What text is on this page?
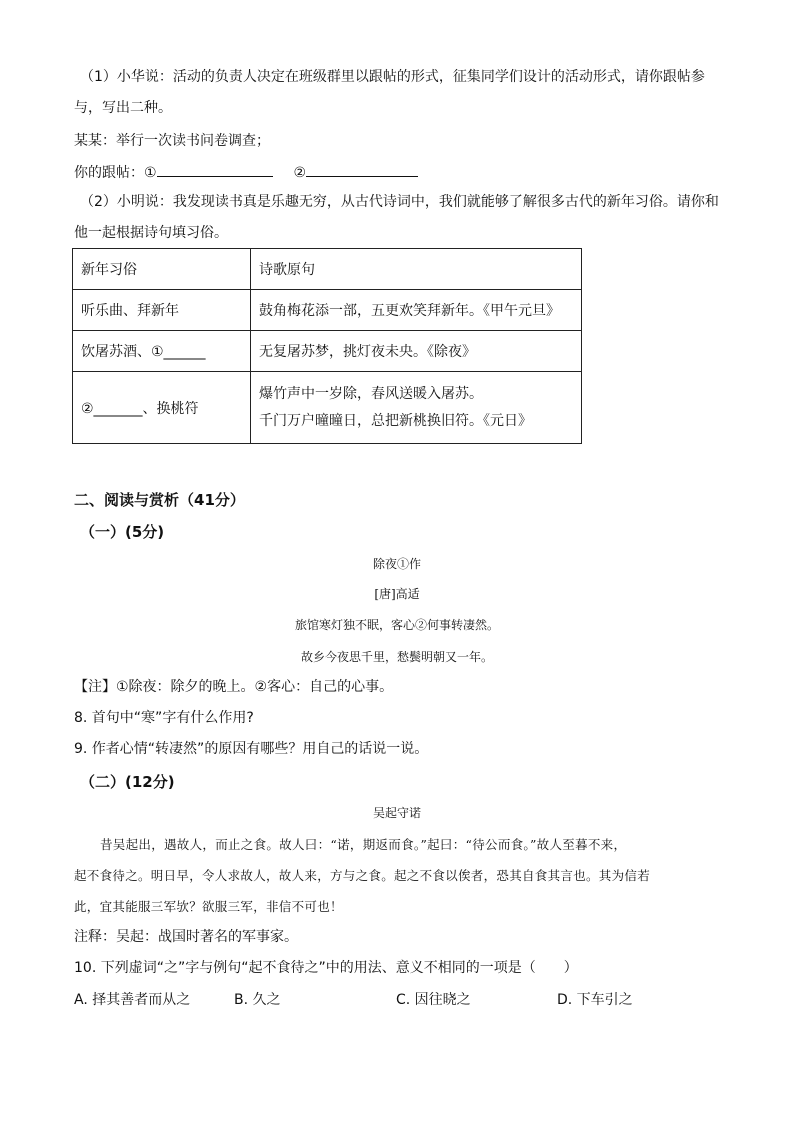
（1）小华说：活动的负责人决定在班级群里以跟帖的形式，征集同学们设计的活动形式，请你跟帖参
与，写出二种。
某某：举行一次读书问卷调查；
你的跟帖：①	②
（2）小明说：我发现读书真是乐趣无穷，从古代诗词中，我们就能够了解很多古代的新年习俗。请你和
他一起根据诗句填习俗。
新年习俗	诗歌原句
听乐曲、拜新年	鼓角梅花添一部，五更欢笑拜新年。《甲午元旦》
饮屠苏酒、①______	无复屠苏梦，挑灯夜未央。《除夜》
②_______、换桃符	爆竹声中一岁除，春风送暖入屠苏。
千门万户曈曈日，总把新桃换旧符。《元日》
二、阅读与赏析（41分）
（一）(5分)
除夜①作
[唐]高适
旅馆寒灯独不眠，客心②何事转凄然。
故乡今夜思千里，愁鬓明朝又一年。
【注】①除夜：除夕的晚上。②客心：自己的心事。
8. 首句中“寒”字有什么作用?
9. 作者心情“转凄然”的原因有哪些？用自己的话说一说。
（二）(12分)
吴起守诺
昔吴起出，遇故人，而止之食。故人曰：“诺，期返而食。”起曰：“待公而食。”故人至暮不来，
起不食待之。明日早，令人求故人，故人来，方与之食。起之不食以俟者，恐其自食其言也。其为信若
此，宜其能服三军欤？欲服三军，非信不可也！
注释：吴起：战国时著名的军事家。
10. 下列虚词“之”字与例句“起不食待之”中的用法、意义不相同的一项是（　　）
A. 择其善者而从之	B. 久之	C. 因往晓之	D. 下车引之
